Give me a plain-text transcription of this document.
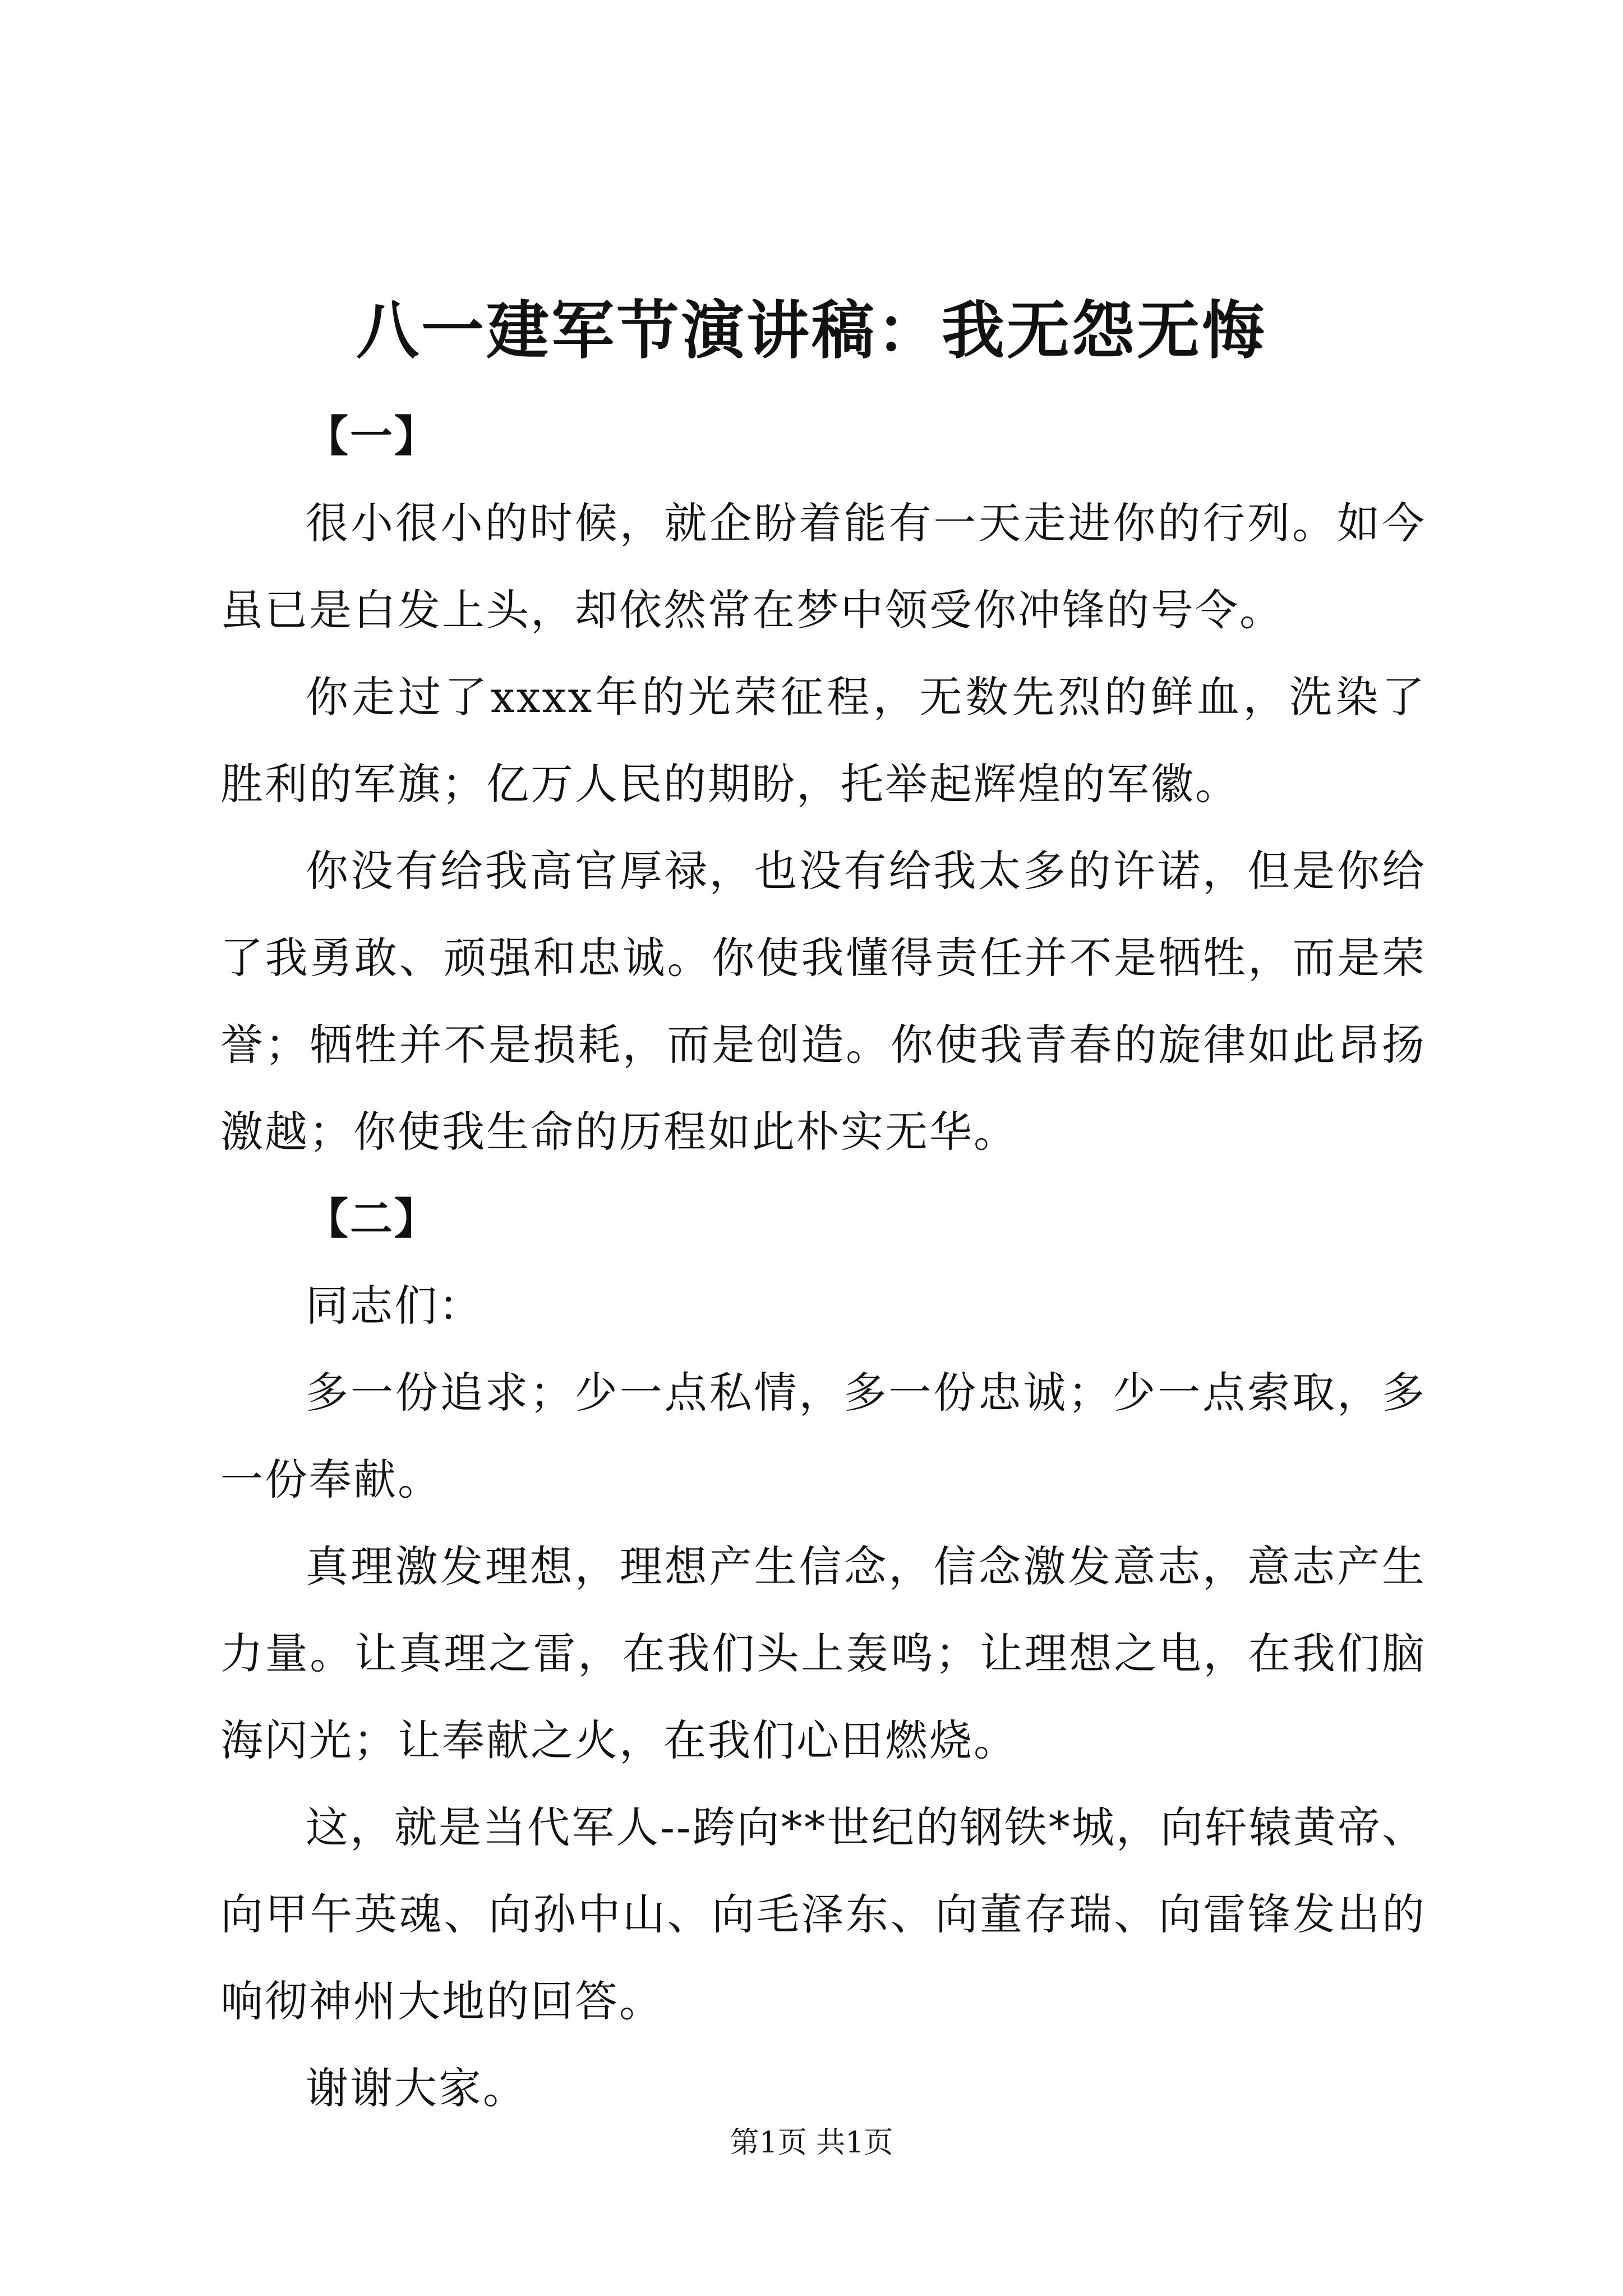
八一建军节演讲稿：我无怨无悔

【一】

很小很小的时候，就企盼着能有一天走进你的行列。如今虽已是白发上头，却依然常在梦中领受你冲锋的号令。

你走过了xxxx年的光荣征程，无数先烈的鲜血，洗染了胜利的军旗；亿万人民的期盼，托举起辉煌的军徽。

你没有给我高官厚禄，也没有给我太多的许诺，但是你给了我勇敢、顽强和忠诚。你使我懂得责任并不是牺牲，而是荣誉；牺牲并不是损耗，而是创造。你使我青春的旋律如此昂扬激越；你使我生命的历程如此朴实无华。

【二】

同志们：

多一份追求；少一点私情，多一份忠诚；少一点索取，多一份奉献。

真理激发理想，理想产生信念，信念激发意志，意志产生力量。让真理之雷，在我们头上轰鸣；让理想之电，在我们脑海闪光；让奉献之火，在我们心田燃烧。

这，就是当代军人--跨向**世纪的钢铁*城，向轩辕黄帝、向甲午英魂、向孙中山、向毛泽东、向董存瑞、向雷锋发出的响彻神州大地的回答。

谢谢大家。

第1页 共1页
